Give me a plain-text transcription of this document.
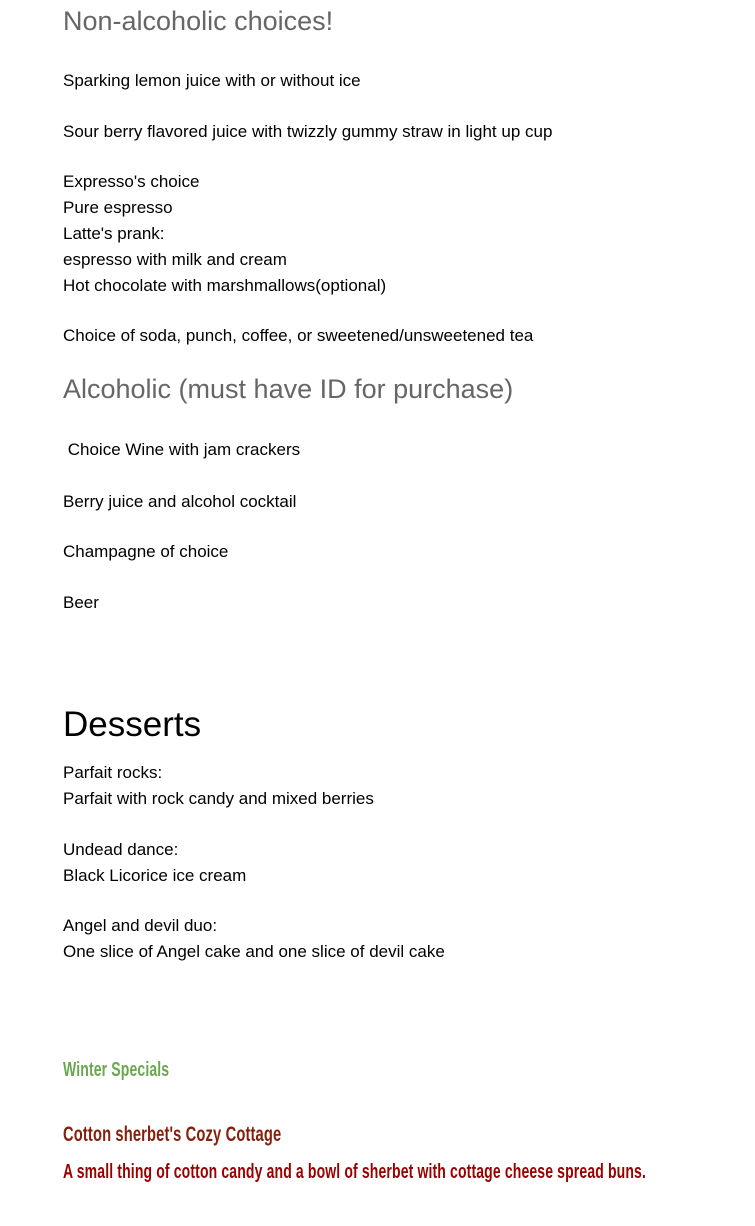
Non-alcoholic choices!

Sparking lemon juice with or without ice

Sour berry flavored juice with twizzly gummy straw in light up cup

Expresso's choice
Pure espresso
Latte's prank:
espresso with milk and cream
Hot chocolate with marshmallows(optional)

Choice of soda, punch, coffee, or sweetened/unsweetened tea

Alcoholic (must have ID for purchase)

Choice Wine with jam crackers

Berry juice and alcohol cocktail

Champagne of choice

Beer

Desserts
Parfait rocks:
Parfait with rock candy and mixed berries
Undead dance:
Black Licorice ice cream
Angel and devil duo:
One slice of Angel cake and one slice of devil cake
Winter Specials
Cotton sherbet's Cozy Cottage
A small thing of cotton candy and a bowl of sherbet with cottage cheese spread buns.
